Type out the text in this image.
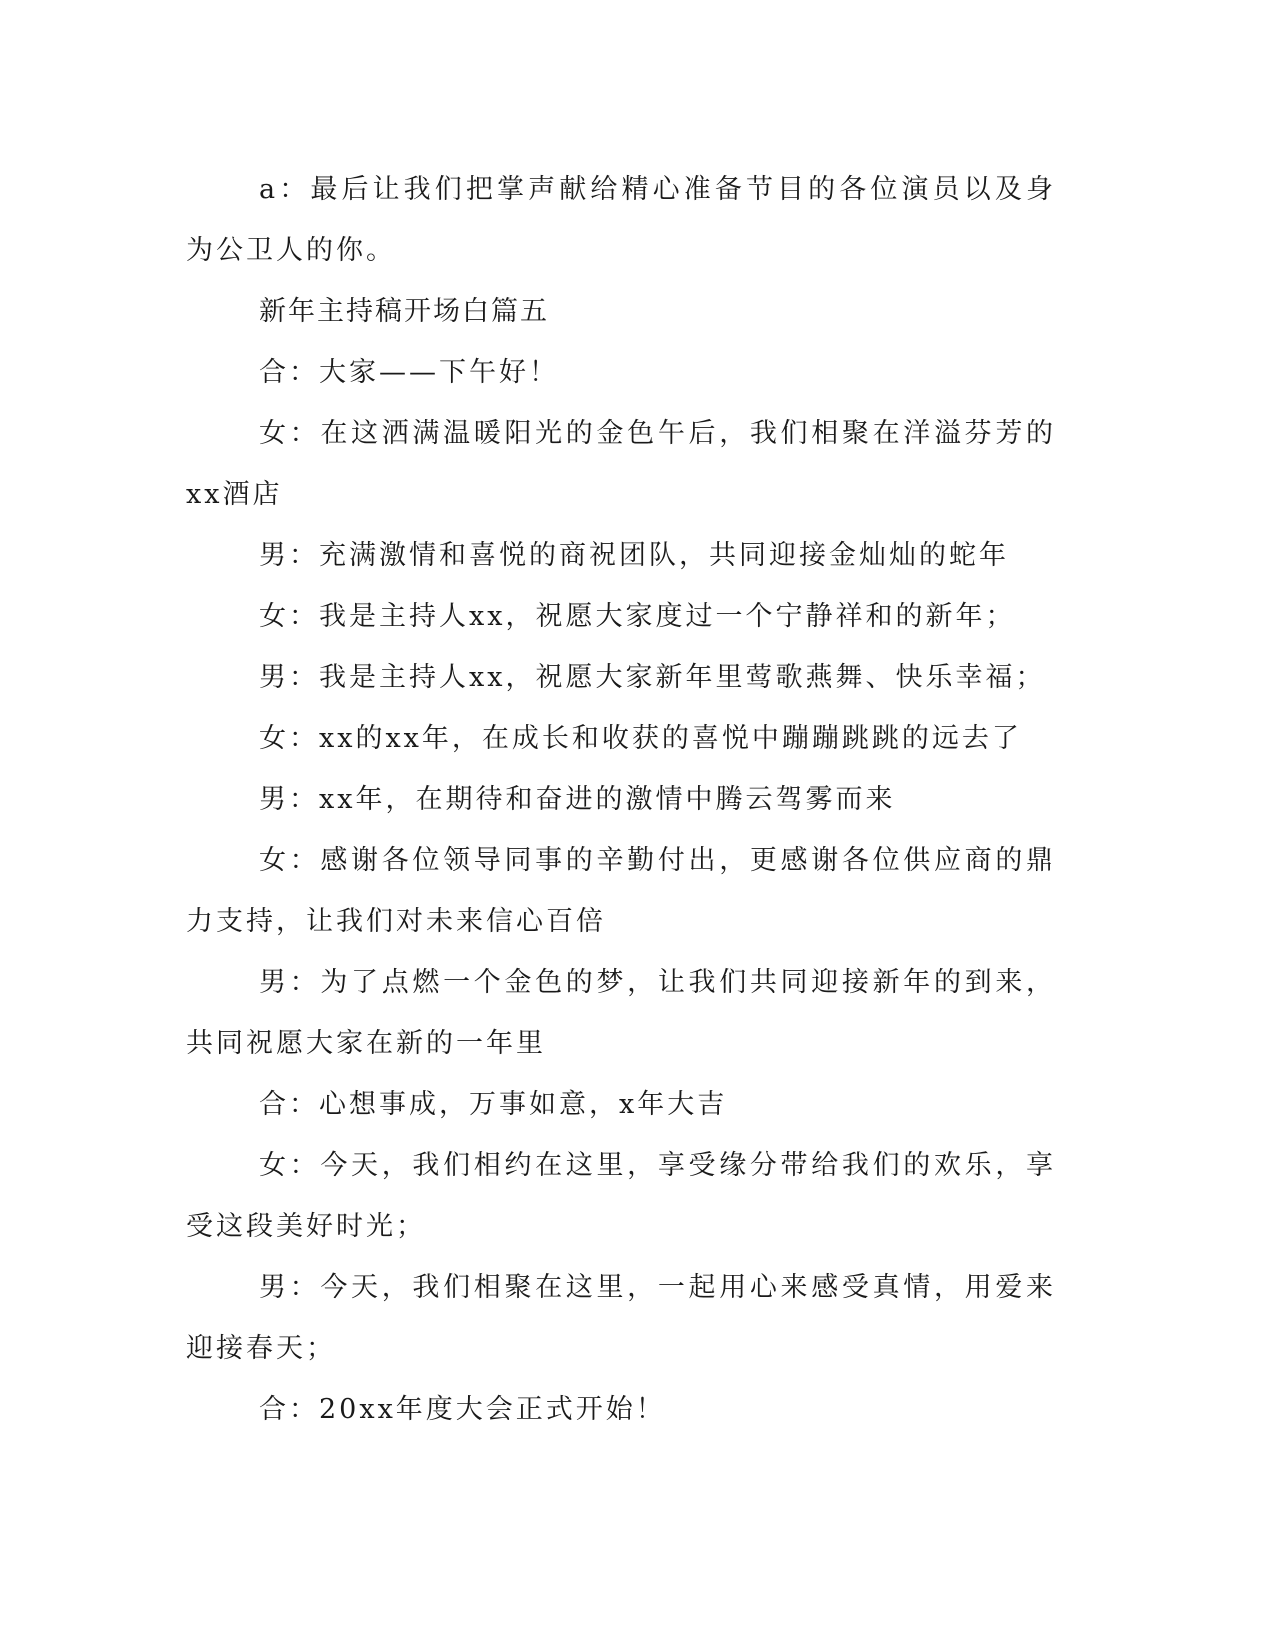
a：最后让我们把掌声献给精心准备节目的各位演员以及身为公卫人的你。

新年主持稿开场白篇五

合：大家——下午好！

女：在这洒满温暖阳光的金色午后，我们相聚在洋溢芬芳的xx酒店

男：充满激情和喜悦的商祝团队，共同迎接金灿灿的蛇年

女：我是主持人xx，祝愿大家度过一个宁静祥和的新年；

男：我是主持人xx，祝愿大家新年里莺歌燕舞、快乐幸福；

女：xx的xx年，在成长和收获的喜悦中蹦蹦跳跳的远去了

男：xx年，在期待和奋进的激情中腾云驾雾而来

女：感谢各位领导同事的辛勤付出，更感谢各位供应商的鼎力支持，让我们对未来信心百倍

男：为了点燃一个金色的梦，让我们共同迎接新年的到来，共同祝愿大家在新的一年里

合：心想事成，万事如意，x年大吉

女：今天，我们相约在这里，享受缘分带给我们的欢乐，享受这段美好时光；

男：今天，我们相聚在这里，一起用心来感受真情，用爱来迎接春天；

合：20xx年度大会正式开始！
